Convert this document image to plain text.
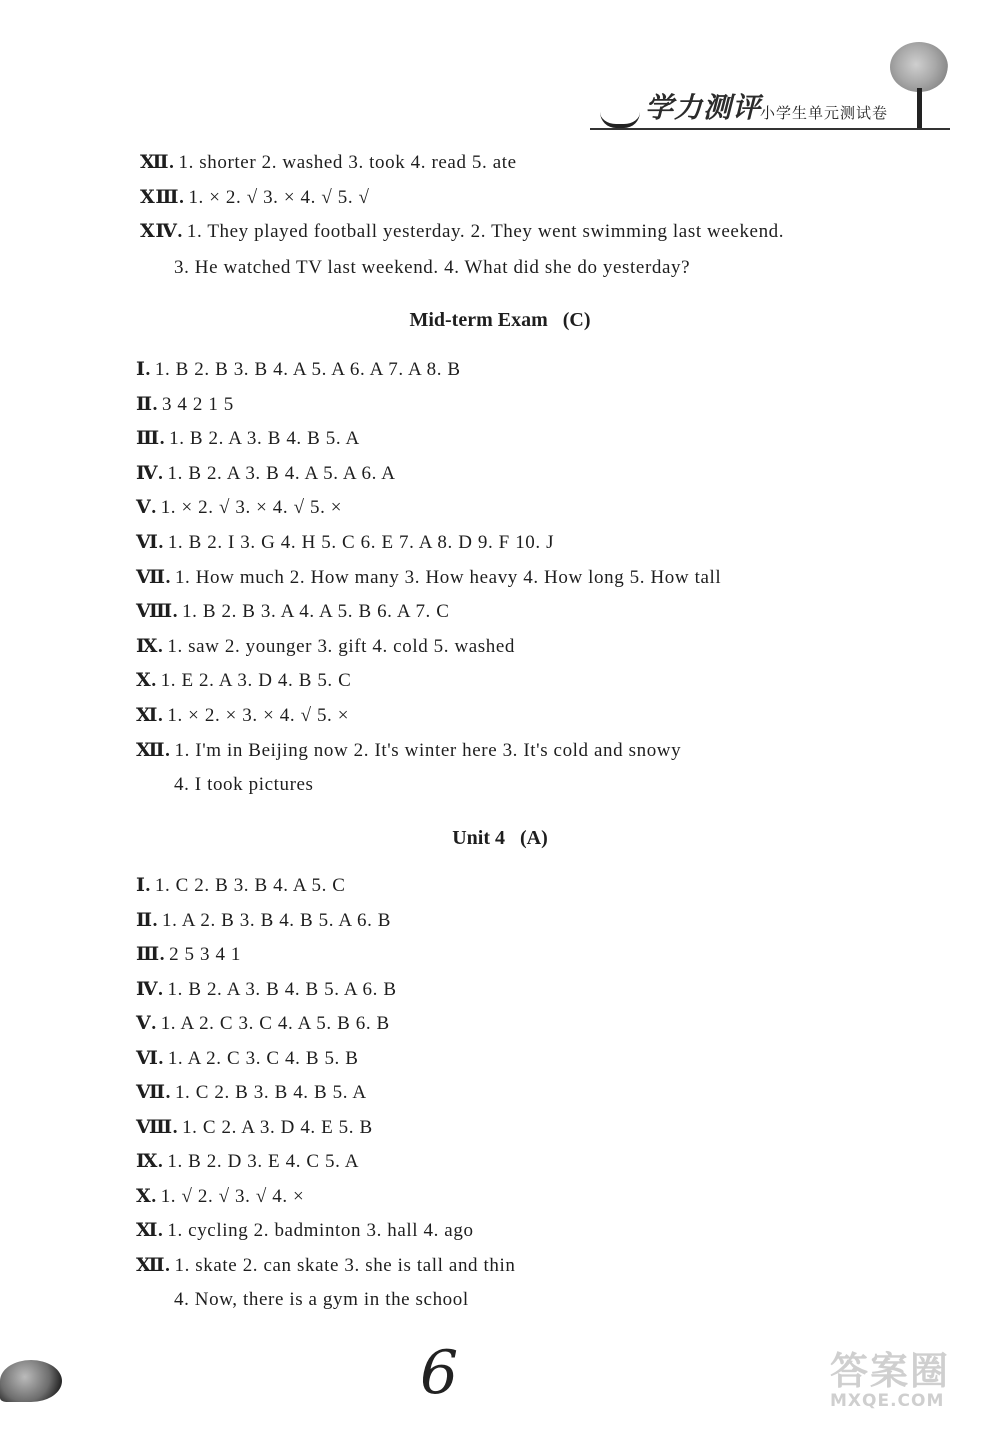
学力测评
小学生单元测试卷
Ⅻ. 1. shorter 2. washed 3. took 4. read 5. ate
ⅩⅢ. 1. × 2. √ 3. × 4. √ 5. √
ⅩⅣ. 1. They played football yesterday. 2. They went swimming last weekend.
3. He watched TV last weekend. 4. What did she do yesterday?
Mid-term Exam (C)
Ⅰ. 1. B 2. B 3. B 4. A 5. A 6. A 7. A 8. B
Ⅱ. 3 4 2 1 5
Ⅲ. 1. B 2. A 3. B 4. B 5. A
Ⅳ. 1. B 2. A 3. B 4. A 5. A 6. A
Ⅴ. 1. × 2. √ 3. × 4. √ 5. ×
Ⅵ. 1. B 2. I 3. G 4. H 5. C 6. E 7. A 8. D 9. F 10. J
Ⅶ. 1. How much 2. How many 3. How heavy 4. How long 5. How tall
Ⅷ. 1. B 2. B 3. A 4. A 5. B 6. A 7. C
Ⅸ. 1. saw 2. younger 3. gift 4. cold 5. washed
Ⅹ. 1. E 2. A 3. D 4. B 5. C
Ⅺ. 1. × 2. × 3. × 4. √ 5. ×
Ⅻ. 1. I'm in Beijing now 2. It's winter here 3. It's cold and snowy
4. I took pictures
Unit 4 (A)
Ⅰ. 1. C 2. B 3. B 4. A 5. C
Ⅱ. 1. A 2. B 3. B 4. B 5. A 6. B
Ⅲ. 2 5 3 4 1
Ⅳ. 1. B 2. A 3. B 4. B 5. A 6. B
Ⅴ. 1. A 2. C 3. C 4. A 5. B 6. B
Ⅵ. 1. A 2. C 3. C 4. B 5. B
Ⅶ. 1. C 2. B 3. B 4. B 5. A
Ⅷ. 1. C 2. A 3. D 4. E 5. B
Ⅸ. 1. B 2. D 3. E 4. C 5. A
Ⅹ. 1. √ 2. √ 3. √ 4. ×
Ⅺ. 1. cycling 2. badminton 3. hall 4. ago
Ⅻ. 1. skate 2. can skate 3. she is tall and thin
4. Now, there is a gym in the school
6	答案圈
MXQE.COM
